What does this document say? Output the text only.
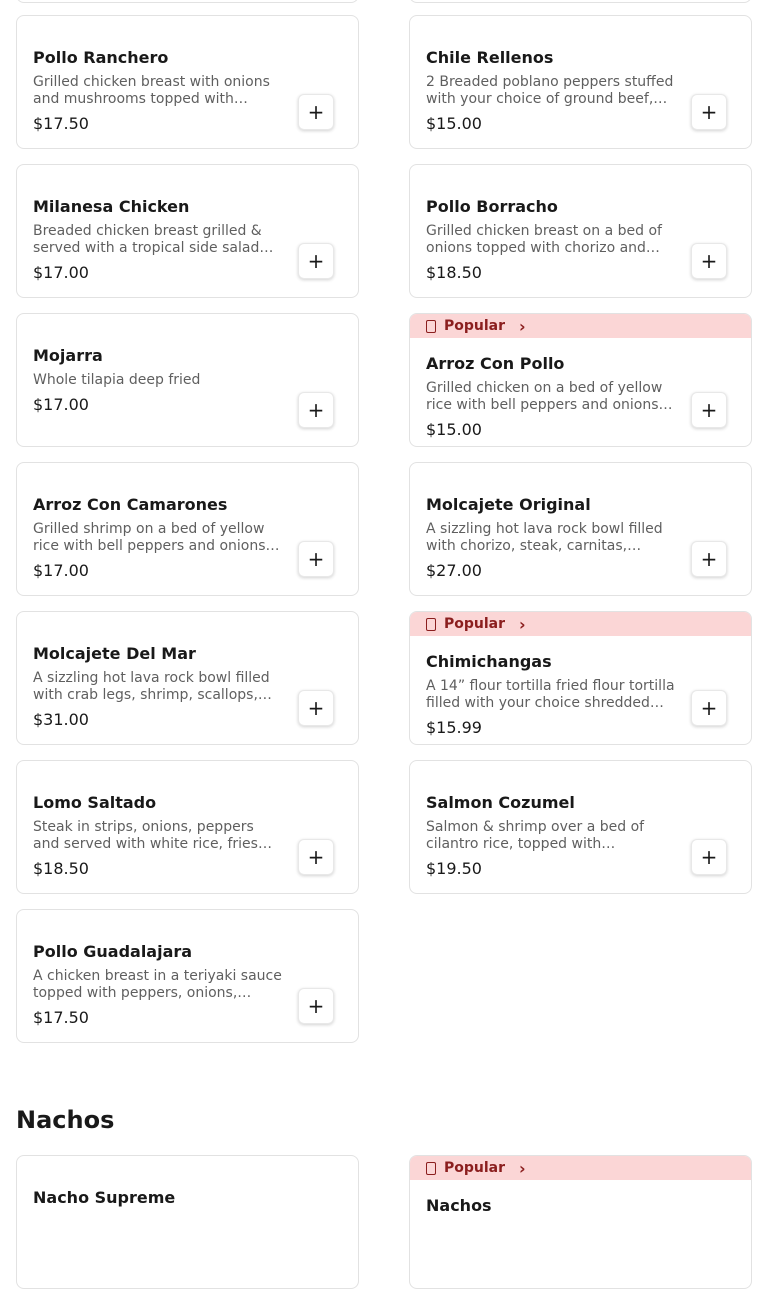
Pollo Ranchero
Grilled chicken breast with onions and mushrooms topped with…
$17.50	+
Chile Rellenos
2 Breaded poblano peppers stuffed with your choice of ground beef,…
$15.00	+
Milanesa Chicken
Breaded chicken breast grilled & served with a tropical side salad…
$17.00	+
Pollo Borracho
Grilled chicken breast on a bed of onions topped with chorizo and…
$18.50	+
Mojarra
Whole tilapia deep fried
$17.00	+
Popular ›
Arroz Con Pollo
Grilled chicken on a bed of yellow rice with bell peppers and onions…
$15.00
+
Arroz Con Camarones
Grilled shrimp on a bed of yellow rice with bell peppers and onions…
$17.00	+
Molcajete Original
A sizzling hot lava rock bowl filled with chorizo, steak, carnitas,…
$27.00	+
Molcajete Del Mar
A sizzling hot lava rock bowl filled with crab legs, shrimp, scallops,…
$31.00	+
Popular ›
Chimichangas
A 14” flour tortilla fried flour tortilla filled with your choice shredded…
$15.99
+
Lomo Saltado
Steak in strips, onions, peppers and served with white rice, fries
$18.50	+
Salmon Cozumel
Salmon & shrimp over a bed of cilantro rice, topped with
$19.50	+
Pollo Guadalajara
A chicken breast in a teriyaki sauce topped with peppers, onions,…
$17.50	+
Nachos
Nacho Supreme
Popular ›
Nachos
